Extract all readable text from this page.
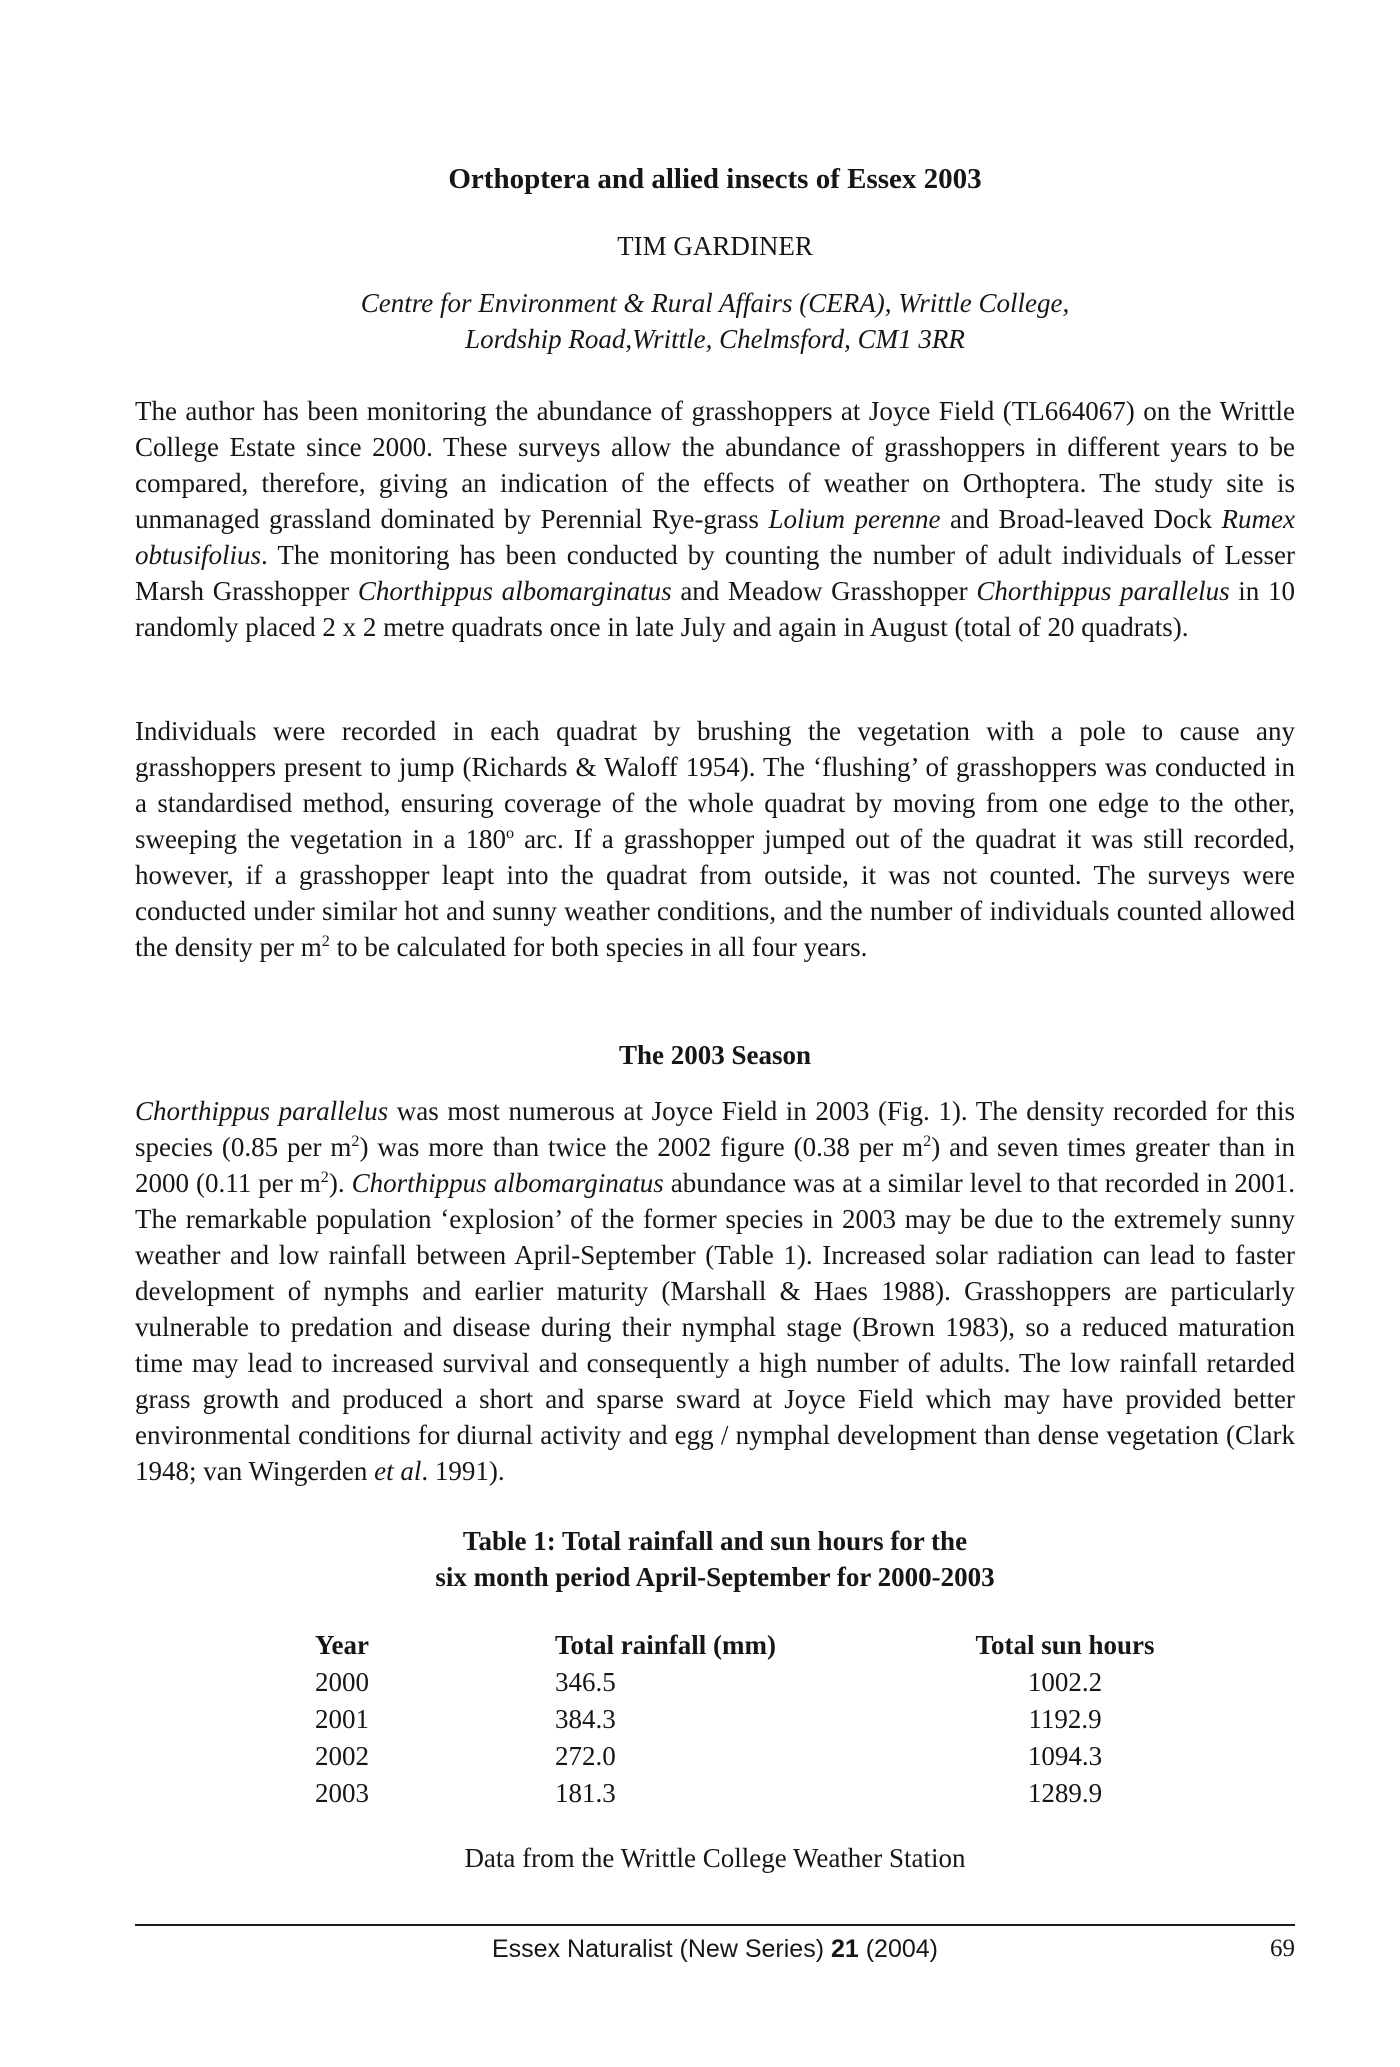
Orthoptera and allied insects of Essex 2003
TIM GARDINER
Centre for Environment & Rural Affairs (CERA), Writtle College,
Lordship Road,Writtle, Chelmsford, CM1 3RR

The author has been monitoring the abundance of grasshoppers at Joyce Field (TL664067) on the Writtle College Estate since 2000. These surveys allow the abundance of grasshoppers in different years to be compared, therefore, giving an indication of the effects of weather on Orthoptera. The study site is unmanaged grassland dominated by Perennial Rye-grass Lolium perenne and Broad-leaved Dock Rumex obtusifolius. The monitoring has been conducted by counting the number of adult individuals of Lesser Marsh Grasshopper Chorthippus albomarginatus and Meadow Grasshopper Chorthippus parallelus in 10 randomly placed 2 x 2 metre quadrats once in late July and again in August (total of 20 quadrats).

Individuals were recorded in each quadrat by brushing the vegetation with a pole to cause any grasshoppers present to jump (Richards & Waloff 1954). The ‘flushing’ of grasshoppers was conducted in a standardised method, ensuring coverage of the whole quadrat by moving from one edge to the other, sweeping the vegetation in a 180$^o$ arc. If a grasshopper jumped out of the quadrat it was still recorded, however, if a grasshopper leapt into the quadrat from outside, it was not counted. The surveys were conducted under similar hot and sunny weather conditions, and the number of individuals counted allowed the density per $m^2$ to be calculated for both species in all four years.

The 2003 Season

Chorthippus parallelus was most numerous at Joyce Field in 2003 (Fig. 1). The density recorded for this species (0.85 per $m^2$) was more than twice the 2002 figure (0.38 per $m^2$) and seven times greater than in 2000 (0.11 per $m^2$). Chorthippus albomarginatus abundance was at a similar level to that recorded in 2001. The remarkable population ‘explosion’ of the former species in 2003 may be due to the extremely sunny weather and low rainfall between April-September (Table 1). Increased solar radiation can lead to faster development of nymphs and earlier maturity (Marshall & Haes 1988). Grasshoppers are particularly vulnerable to predation and disease during their nymphal stage (Brown 1983), so a reduced maturation time may lead to increased survival and consequently a high number of adults. The low rainfall retarded grass growth and produced a short and sparse sward at Joyce Field which may have provided better environmental conditions for diurnal activity and egg / nymphal development than dense vegetation (Clark 1948; van Wingerden et al. 1991).

Table 1: Total rainfall and sun hours for the
six month period April-September for 2000-2003
Year	Total rainfall (mm)	Total sun hours
2000	346.5	1002.2
2001	384.3	1192.9
2002	272.0	1094.3
2003	181.3	1289.9
Data from the Writtle College Weather Station
Essex Naturalist (New Series) 21 (2004)	69
